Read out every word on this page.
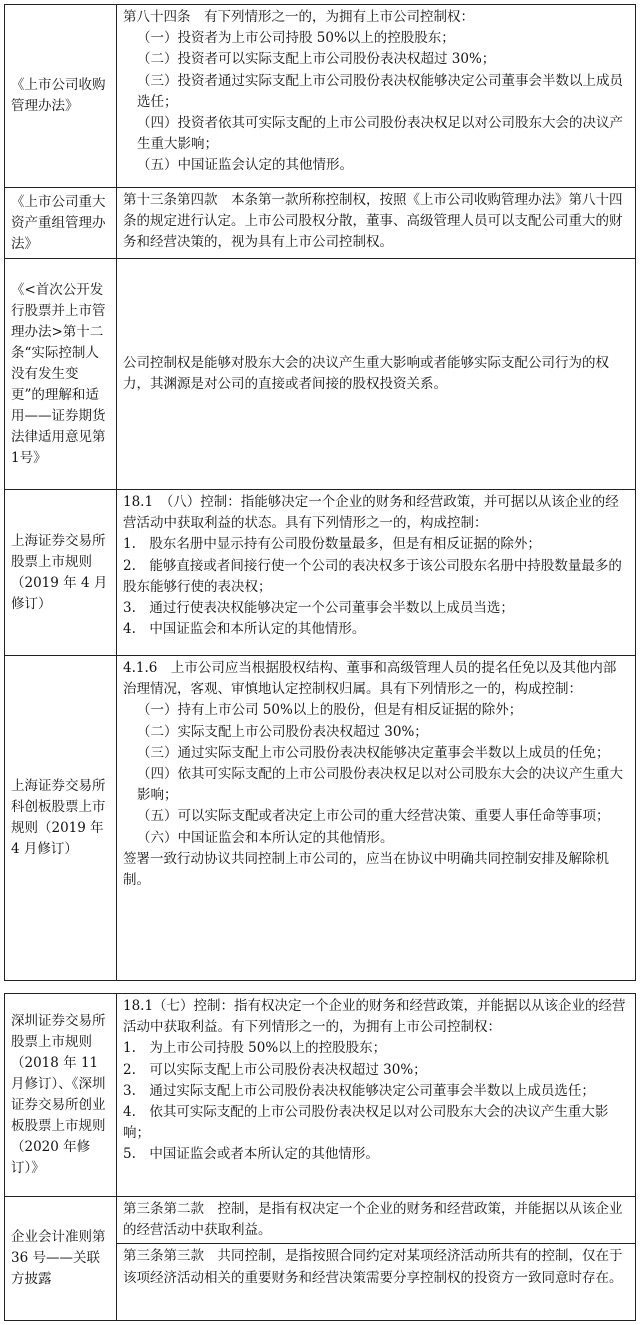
《上市公司收购管理办法》
第八十四条　有下列情形之一的，为拥有上市公司控制权：
（一）投资者为上市公司持股 50%以上的控股股东；
（二）投资者可以实际支配上市公司股份表决权超过 30%；
（三）投资者通过实际支配上市公司股份表决权能够决定公司董事会半数以上成员选任；
（四）投资者依其可实际支配的上市公司股份表决权足以对公司股东大会的决议产生重大影响；
（五）中国证监会认定的其他情形。
《上市公司重大资产重组管理办法》
第十三条第四款　本条第一款所称控制权，按照《上市公司收购管理办法》第八十四条的规定进行认定。上市公司股权分散，董事、高级管理人员可以支配公司重大的财务和经营决策的，视为具有上市公司控制权。
《<首次公开发行股票并上市管理办法>第十二条“实际控制人没有发生变更”的理解和适用——证券期货法律适用意见第1号》
公司控制权是能够对股东大会的决议产生重大影响或者能够实际支配公司行为的权力，其渊源是对公司的直接或者间接的股权投资关系。
上海证券交易所股票上市规则（2019 年 4 月修订）
18.1　（八）控制：指能够决定一个企业的财务和经营政策，并可据以从该企业的经营活动中获取利益的状态。具有下列情形之一的，构成控制：
1.　股东名册中显示持有公司股份数量最多，但是有相反证据的除外；
2.　能够直接或者间接行使一个公司的表决权多于该公司股东名册中持股数量最多的股东能够行使的表决权；
3.　通过行使表决权能够决定一个公司董事会半数以上成员当选；
4.　中国证监会和本所认定的其他情形。
上海证券交易所科创板股票上市规则（2019 年 4 月修订）
4.1.6　上市公司应当根据股权结构、董事和高级管理人员的提名任免以及其他内部治理情况，客观、审慎地认定控制权归属。具有下列情形之一的，构成控制：
（一）持有上市公司 50%以上的股份，但是有相反证据的除外；
（二）实际支配上市公司股份表决权超过 30%；
（三）通过实际支配上市公司股份表决权能够决定董事会半数以上成员的任免；
（四）依其可实际支配的上市公司股份表决权足以对公司股东大会的决议产生重大影响；
（五）可以实际支配或者决定上市公司的重大经营决策、重要人事任命等事项；
（六）中国证监会和本所认定的其他情形。
签署一致行动协议共同控制上市公司的，应当在协议中明确共同控制安排及解除机制。
深圳证券交易所股票上市规则（2018 年 11 月修订）、《深圳证券交易所创业板股票上市规则（2020 年修订）》
18.1（七）控制：指有权决定一个企业的财务和经营政策，并能据以从该企业的经营活动中获取利益。有下列情形之一的，为拥有上市公司控制权：
1.　为上市公司持股 50%以上的控股股东；
2.　可以实际支配上市公司股份表决权超过 30%；
3.　通过实际支配上市公司股份表决权能够决定公司董事会半数以上成员选任；
4.　依其可实际支配的上市公司股份表决权足以对公司股东大会的决议产生重大影响；
5.　中国证监会或者本所认定的其他情形。
企业会计准则第 36 号——关联方披露
第三条第二款　控制，是指有权决定一个企业的财务和经营政策，并能据以从该企业的经营活动中获取利益。
第三条第三款　共同控制，是指按照合同约定对某项经济活动所共有的控制，仅在于该项经济活动相关的重要财务和经营决策需要分享控制权的投资方一致同意时存在。
